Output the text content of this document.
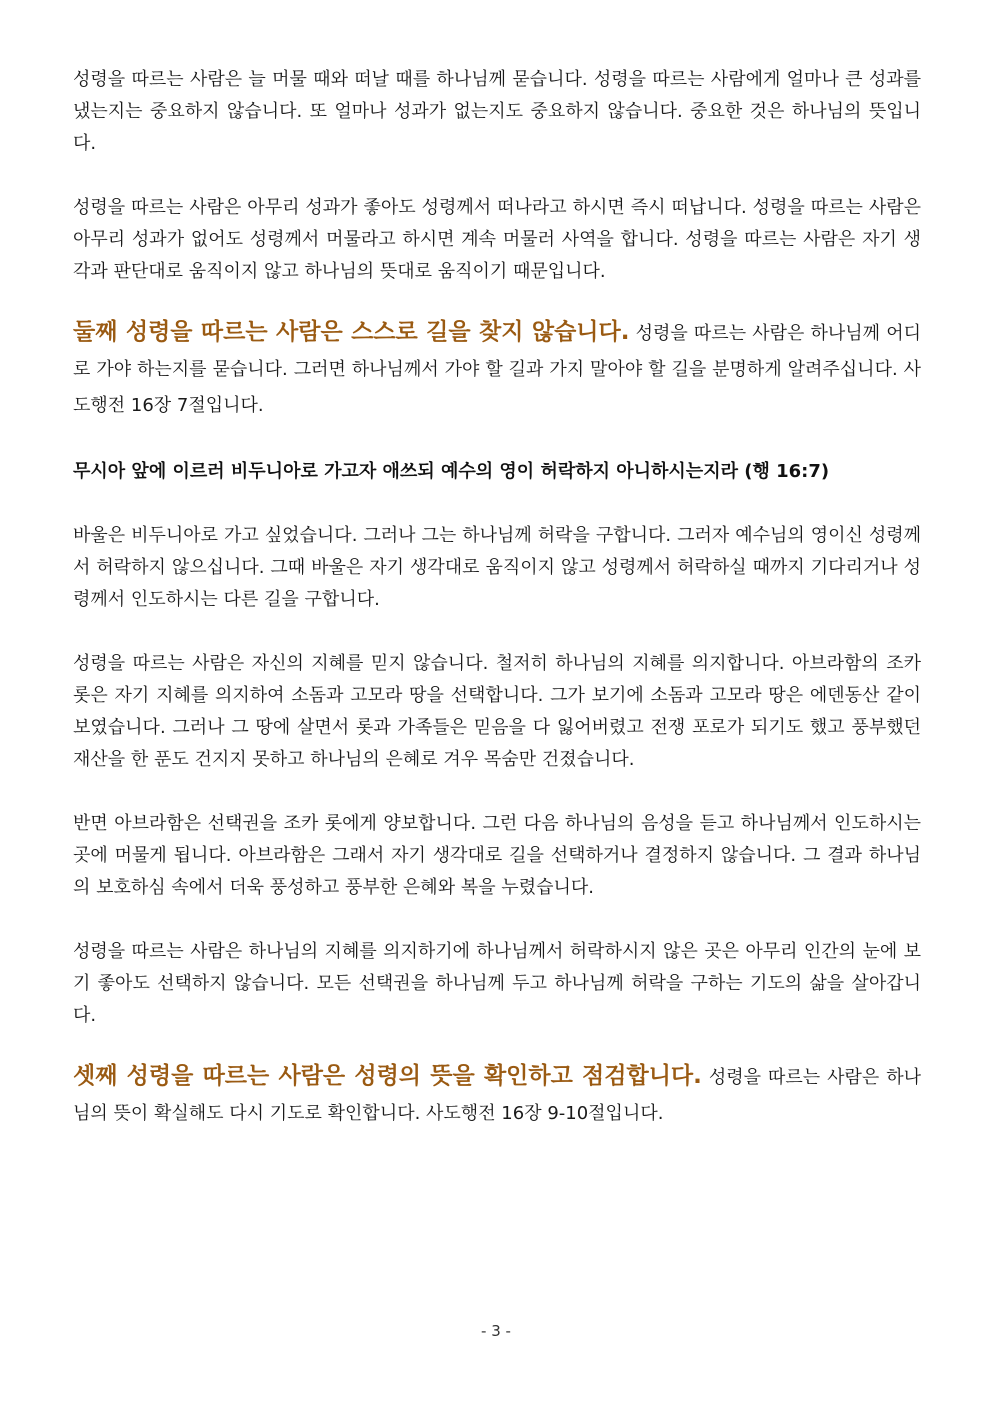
성령을 따르는 사람은 늘 머물 때와 떠날 때를 하나님께 묻습니다. 성령을 따르는 사람에게 얼마나 큰 성과를 냈는지는 중요하지 않습니다. 또 얼마나 성과가 없는지도 중요하지 않습니다. 중요한 것은 하나님의 뜻입니다.

성령을 따르는 사람은 아무리 성과가 좋아도 성령께서 떠나라고 하시면 즉시 떠납니다. 성령을 따르는 사람은 아무리 성과가 없어도 성령께서 머물라고 하시면 계속 머물러 사역을 합니다. 성령을 따르는 사람은 자기 생각과 판단대로 움직이지 않고 하나님의 뜻대로 움직이기 때문입니다.

둘째 성령을 따르는 사람은 스스로 길을 찾지 않습니다. 성령을 따르는 사람은 하나님께 어디로 가야 하는지를 묻습니다. 그러면 하나님께서 가야 할 길과 가지 말아야 할 길을 분명하게 알려주십니다. 사도행전 16장 7절입니다.

무시아 앞에 이르러 비두니아로 가고자 애쓰되 예수의 영이 허락하지 아니하시는지라 (행 16:7)

바울은 비두니아로 가고 싶었습니다. 그러나 그는 하나님께 허락을 구합니다. 그러자 예수님의 영이신 성령께서 허락하지 않으십니다. 그때 바울은 자기 생각대로 움직이지 않고 성령께서 허락하실 때까지 기다리거나 성령께서 인도하시는 다른 길을 구합니다.

성령을 따르는 사람은 자신의 지혜를 믿지 않습니다. 철저히 하나님의 지혜를 의지합니다. 아브라함의 조카 롯은 자기 지혜를 의지하여 소돔과 고모라 땅을 선택합니다. 그가 보기에 소돔과 고모라 땅은 에덴동산 같이 보였습니다. 그러나 그 땅에 살면서 롯과 가족들은 믿음을 다 잃어버렸고 전쟁 포로가 되기도 했고 풍부했던 재산을 한 푼도 건지지 못하고 하나님의 은혜로 겨우 목숨만 건졌습니다.

반면 아브라함은 선택권을 조카 롯에게 양보합니다. 그런 다음 하나님의 음성을 듣고 하나님께서 인도하시는 곳에 머물게 됩니다. 아브라함은 그래서 자기 생각대로 길을 선택하거나 결정하지 않습니다. 그 결과 하나님의 보호하심 속에서 더욱 풍성하고 풍부한 은혜와 복을 누렸습니다.

성령을 따르는 사람은 하나님의 지혜를 의지하기에 하나님께서 허락하시지 않은 곳은 아무리 인간의 눈에 보기 좋아도 선택하지 않습니다. 모든 선택권을 하나님께 두고 하나님께 허락을 구하는 기도의 삶을 살아갑니다.

셋째 성령을 따르는 사람은 성령의 뜻을 확인하고 점검합니다. 성령을 따르는 사람은 하나님의 뜻이 확실해도 다시 기도로 확인합니다. 사도행전 16장 9-10절입니다.

- 3 -
